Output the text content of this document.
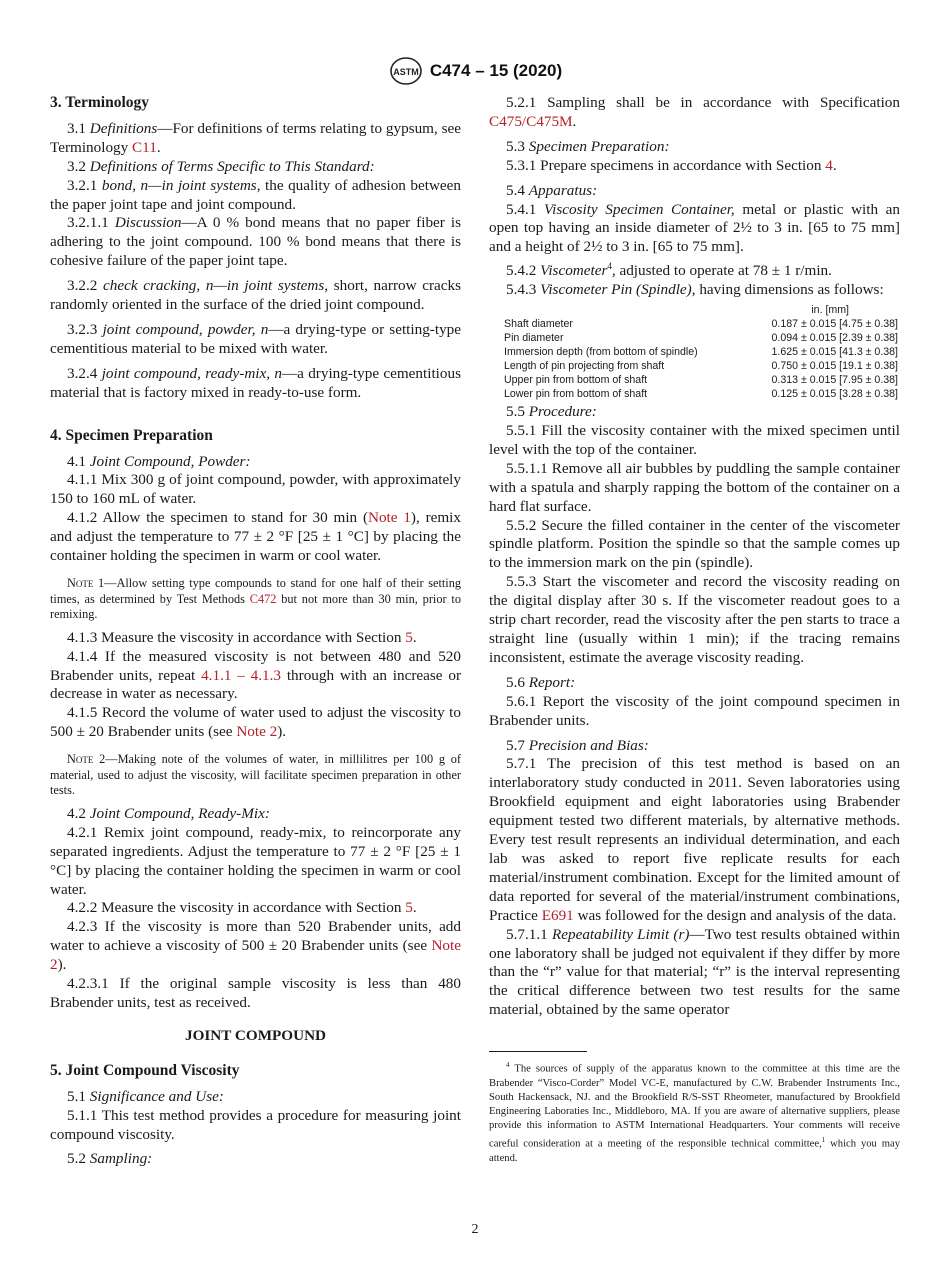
ASTM C474 – 15 (2020)

3. Terminology

3.1 Definitions—For definitions of terms relating to gypsum, see Terminology C11.

3.2 Definitions of Terms Specific to This Standard:

3.2.1 bond, n—in joint systems, the quality of adhesion between the paper joint tape and joint compound.

3.2.1.1 Discussion—A 0 % bond means that no paper fiber is adhering to the joint compound. 100 % bond means that there is cohesive failure of the paper joint tape.

3.2.2 check cracking, n—in joint systems, short, narrow cracks randomly oriented in the surface of the dried joint compound.

3.2.3 joint compound, powder, n—a drying-type or setting-type cementitious material to be mixed with water.

3.2.4 joint compound, ready-mix, n—a drying-type cementitious material that is factory mixed in ready-to-use form.

4. Specimen Preparation

4.1 Joint Compound, Powder:

4.1.1 Mix 300 g of joint compound, powder, with approximately 150 to 160 mL of water.

4.1.2 Allow the specimen to stand for 30 min (Note 1), remix and adjust the temperature to 77 ± 2 °F [25 ± 1 °C] by placing the container holding the specimen in warm or cool water.

Note 1—Allow setting type compounds to stand for one half of their setting times, as determined by Test Methods C472 but not more than 30 min, prior to remixing.

4.1.3 Measure the viscosity in accordance with Section 5.

4.1.4 If the measured viscosity is not between 480 and 520 Brabender units, repeat 4.1.1 – 4.1.3 through with an increase or decrease in water as necessary.

4.1.5 Record the volume of water used to adjust the viscosity to 500 ± 20 Brabender units (see Note 2).

Note 2—Making note of the volumes of water, in millilitres per 100 g of material, used to adjust the viscosity, will facilitate specimen preparation in other tests.

4.2 Joint Compound, Ready-Mix:

4.2.1 Remix joint compound, ready-mix, to reincorporate any separated ingredients. Adjust the temperature to 77 ± 2 °F [25 ± 1 °C] by placing the container holding the specimen in warm or cool water.

4.2.2 Measure the viscosity in accordance with Section 5.

4.2.3 If the viscosity is more than 520 Brabender units, add water to achieve a viscosity of 500 ± 20 Brabender units (see Note 2).

4.2.3.1 If the original sample viscosity is less than 480 Brabender units, test as received.

JOINT COMPOUND

5. Joint Compound Viscosity

5.1 Significance and Use:

5.1.1 This test method provides a procedure for measuring joint compound viscosity.

5.2 Sampling:

5.2.1 Sampling shall be in accordance with Specification C475/C475M.

5.3 Specimen Preparation:

5.3.1 Prepare specimens in accordance with Section 4.

5.4 Apparatus:

5.4.1 Viscosity Specimen Container, metal or plastic with an open top having an inside diameter of 2½ to 3 in. [65 to 75 mm] and a height of 2½ to 3 in. [65 to 75 mm].

5.4.2 Viscometer$^4$, adjusted to operate at 78 ± 1 r/min.

5.4.3 Viscometer Pin (Spindle), having dimensions as follows:

in. [mm]	
Shaft diameter	0.187 ± 0.015 [4.75 ± 0.38]
Pin diameter	0.094 ± 0.015 [2.39 ± 0.38]
Immersion depth (from bottom of spindle)	1.625 ± 0.015 [41.3 ± 0.38]
Length of pin projecting from shaft	0.750 ± 0.015 [19.1 ± 0.38]
Upper pin from bottom of shaft	0.313 ± 0.015 [7.95 ± 0.38]
Lower pin from bottom of shaft	0.125 ± 0.015 [3.28 ± 0.38]

5.5 Procedure:

5.5.1 Fill the viscosity container with the mixed specimen until level with the top of the container.

5.5.1.1 Remove all air bubbles by puddling the sample container with a spatula and sharply rapping the bottom of the container on a hard flat surface.

5.5.2 Secure the filled container in the center of the viscometer spindle platform. Position the spindle so that the sample comes up to the immersion mark on the pin (spindle).

5.5.3 Start the viscometer and record the viscosity reading on the digital display after 30 s. If the viscometer readout goes to a strip chart recorder, read the viscosity after the pen starts to trace a straight line (usually within 1 min); if the tracing remains inconsistent, estimate the average viscosity reading.

5.6 Report:

5.6.1 Report the viscosity of the joint compound specimen in Brabender units.

5.7 Precision and Bias:

5.7.1 The precision of this test method is based on an interlaboratory study conducted in 2011. Seven laboratories using Brookfield equipment and eight laboratories using Brabender equipment tested two different materials, by alternative methods. Every test result represents an individual determination, and each lab was asked to report five replicate results for each material/instrument combination. Except for the limited amount of data reported for several of the material/instrument combinations, Practice E691 was followed for the design and analysis of the data.

5.7.1.1 Repeatability Limit (r)—Two test results obtained within one laboratory shall be judged not equivalent if they differ by more than the “r” value for that material; “r” is the interval representing the critical difference between two test results for the same material, obtained by the same operator

$^4$ The sources of supply of the apparatus known to the committee at this time are the Brabender “Visco-Corder” Model VC-E, manufactured by C.W. Brabender Instruments Inc., South Hackensack, NJ. and the Brookfield R/S-SST Rheometer, manufactured by Brookfield Engineering Laboraties Inc., Middleboro, MA. If you are aware of alternative suppliers, please provide this information to ASTM International Headquarters. Your comments will receive careful consideration at a meeting of the responsible technical committee,$^1$ which you may attend.

2
